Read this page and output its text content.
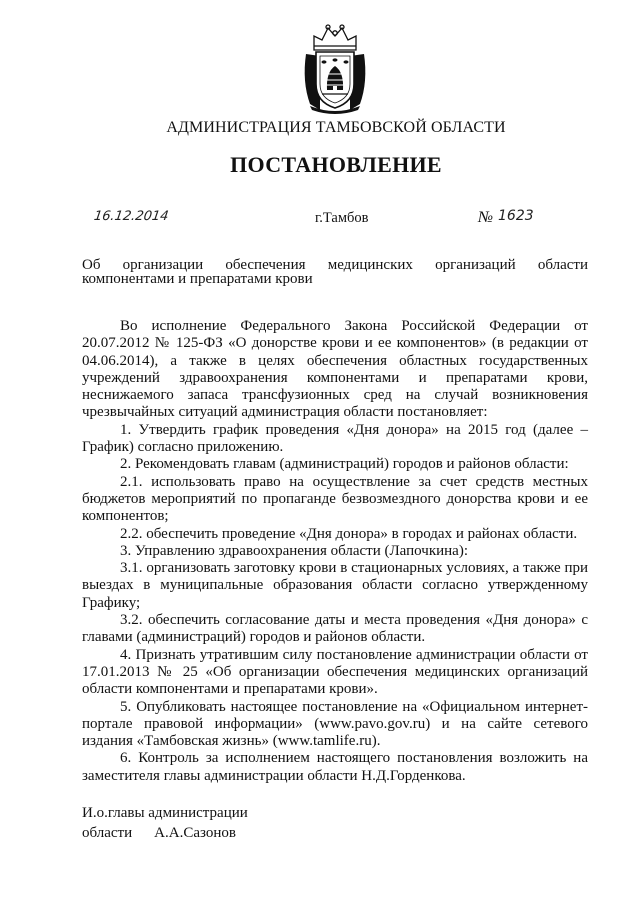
АДМИНИСТРАЦИЯ ТАМБОВСКОЙ ОБЛАСТИ
ПОСТАНОВЛЕНИЕ
16.12.2014	г.Тамбов	№ 1623
Об организации обеспечения медицинских организаций области компонентами и препаратами крови

Во исполнение Федерального Закона Российской Федерации от 20.07.2012 № 125-ФЗ «О донорстве крови и ее компонентов» (в редакции от 04.06.2014), а также в целях обеспечения областных государственных учреждений здравоохранения компонентами и препаратами крови, неснижаемого запаса трансфузионных сред на случай возникновения чрезвычайных ситуаций администрация области постановляет:

1. Утвердить график проведения «Дня донора» на 2015 год (далее – График) согласно приложению.

2. Рекомендовать главам (администраций) городов и районов области:

2.1. использовать право на осуществление за счет средств местных бюджетов мероприятий по пропаганде безвозмездного донорства крови и ее компонентов;

2.2. обеспечить проведение «Дня донора» в городах и районах области.

3. Управлению здравоохранения области (Лапочкина):

3.1. организовать заготовку крови в стационарных условиях, а также при выездах в муниципальные образования области согласно утвержденному Графику;

3.2. обеспечить согласование даты и места проведения «Дня донора» с главами (администраций) городов и районов области.

4. Признать утратившим силу постановление администрации области от 17.01.2013 № 25 «Об организации обеспечения медицинских организаций области компонентами и препаратами крови».

5. Опубликовать настоящее постановление на «Официальном интернет-портале правовой информации» (www.pavo.gov.ru) и на сайте сетевого издания «Тамбовская жизнь» (www.tamlife.ru).

6. Контроль за исполнением настоящего постановления возложить на заместителя главы администрации области Н.Д.Горденкова.

И.о.главы администрации
области А.А.Сазонов
